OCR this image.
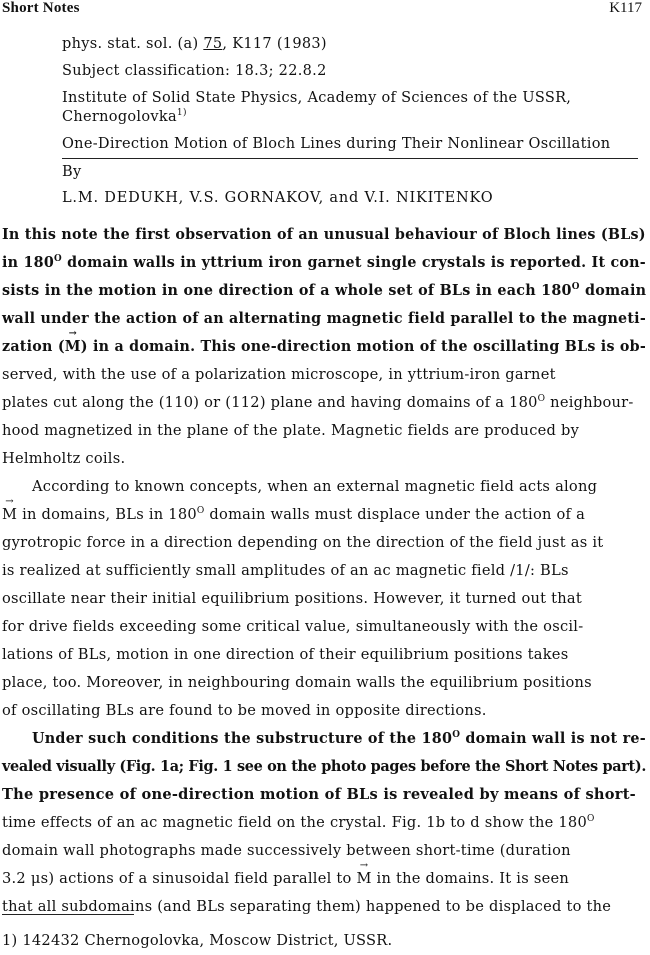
Short Notes	K117
phys. stat. sol. (a) 75, K117 (1983)
Subject classification: 18.3; 22.8.2
Institute of Solid State Physics, Academy of Sciences of the USSR,
Chernogolovka$^{1)}$
One-Direction Motion of Bloch Lines during Their Nonlinear Oscillation
By
L.M. DEDUKH, V.S. GORNAKOV, and V.I. NIKITENKO
In this note the first observation of an unusual behaviour of Bloch lines (BLs)
in $180^O$ domain walls in yttrium iron garnet single crystals is reported. It con-
sists in the motion in one direction of a whole set of BLs in each $180^O$ domain
wall under the action of an alternating magnetic field parallel to the magneti-
zation (→ M) in a domain. This one-direction motion of the oscillating BLs is ob-
served, with the use of a polarization microscope, in yttrium-iron garnet
plates cut along the (110) or (112) plane and having domains of a $180^O$ neighbour-
hood magnetized in the plane of the plate. Magnetic fields are produced by
Helmholtz coils.
According to known concepts, when an external magnetic field acts along
→ M in domains, BLs in $180^O$ domain walls must displace under the action of a
gyrotropic force in a direction depending on the direction of the field just as it
is realized at sufficiently small amplitudes of an ac magnetic field /1/: BLs
oscillate near their initial equilibrium positions. However, it turned out that
for drive fields exceeding some critical value, simultaneously with the oscil-
lations of BLs, motion in one direction of their equilibrium positions takes
place, too. Moreover, in neighbouring domain walls the equilibrium positions
of oscillating BLs are found to be moved in opposite directions.
Under such conditions the substructure of the $180^O$ domain wall is not re-
vealed visually (Fig. 1a; Fig. 1 see on the photo pages before the Short Notes part).
The presence of one-direction motion of BLs is revealed by means of short-
time effects of an ac magnetic field on the crystal. Fig. 1b to d show the $180^O$
domain wall photographs made successively between short-time (duration
3.2 μs) actions of a sinusoidal field parallel to → M in the domains. It is seen
that all subdomains (and BLs separating them) happened to be displaced to the
1) 142432 Chernogolovka, Moscow District, USSR.
